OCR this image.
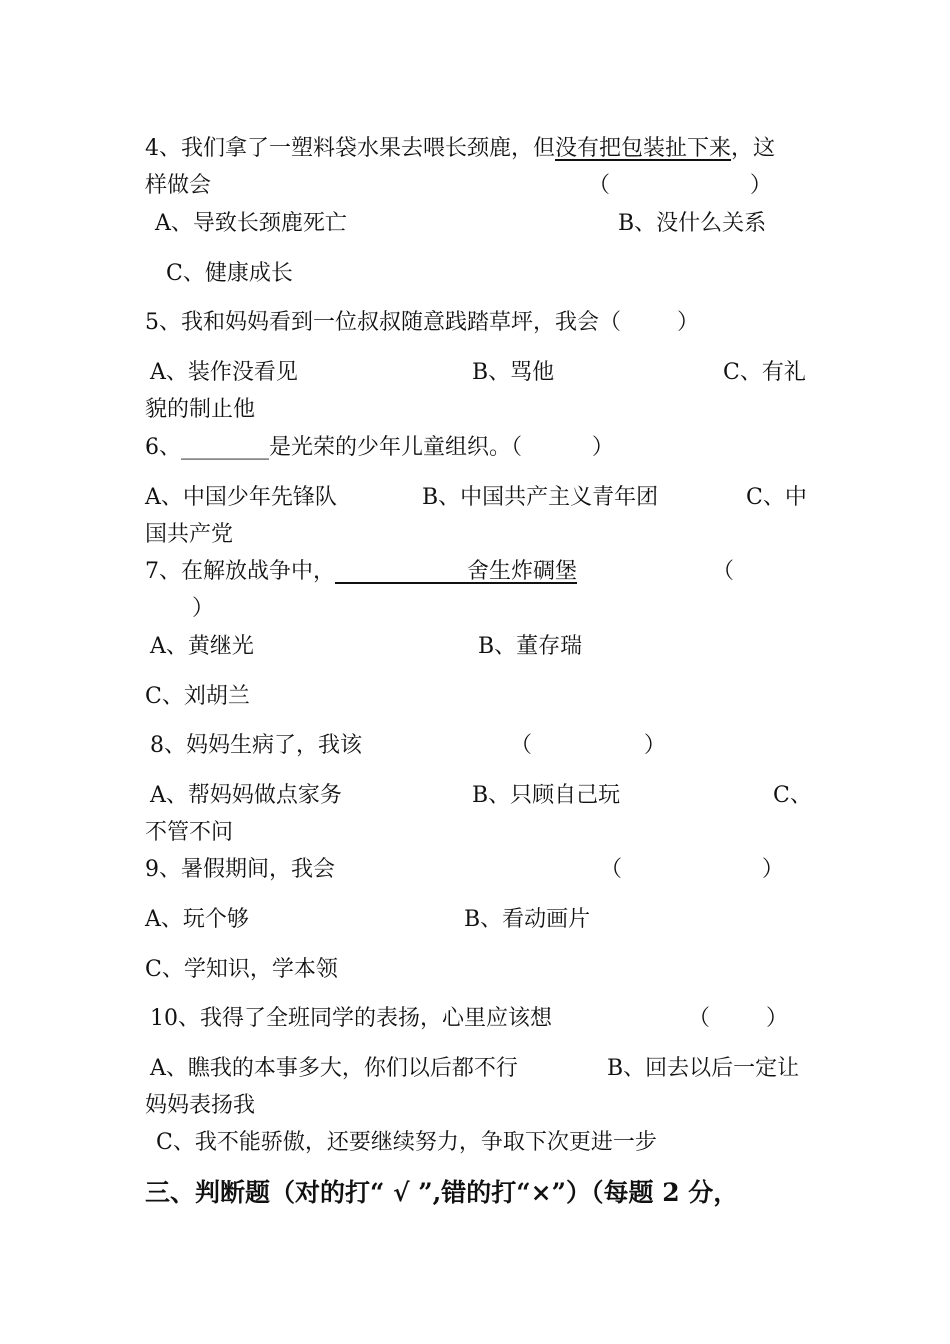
4、我们拿了一塑料袋水果去喂长颈鹿，但没有把包装扯下来，这
样做会	（                    ）
A、导致长颈鹿死亡	B、没什么关系
C、健康成长
5、我和妈妈看到一位叔叔随意践踏草坪，我会（        ）
A、装作没看见	B、骂他	C、有礼
貌的制止他
6、________是光荣的少年儿童组织。（          ）
A、中国少年先锋队	B、中国共产主义青年团	C、中
国共产党
7、在解放战争中，____________舍生炸碉堡	（
）
A、黄继光	B、董存瑞
C、刘胡兰
8、妈妈生病了，我该	（                ）
A、帮妈妈做点家务	B、只顾自己玩	C、
不管不问
9、暑假期间，我会	（                    ）
A、玩个够	B、看动画片
C、学知识，学本领
10、我得了全班同学的表扬，心里应该想	（        ）
A、瞧我的本事多大，你们以后都不行	B、回去以后一定让
妈妈表扬我
C、我不能骄傲，还要继续努力，争取下次更进一步
三、判断题（对的打“ √ ”,错的打“×”）（每题 2 分，
